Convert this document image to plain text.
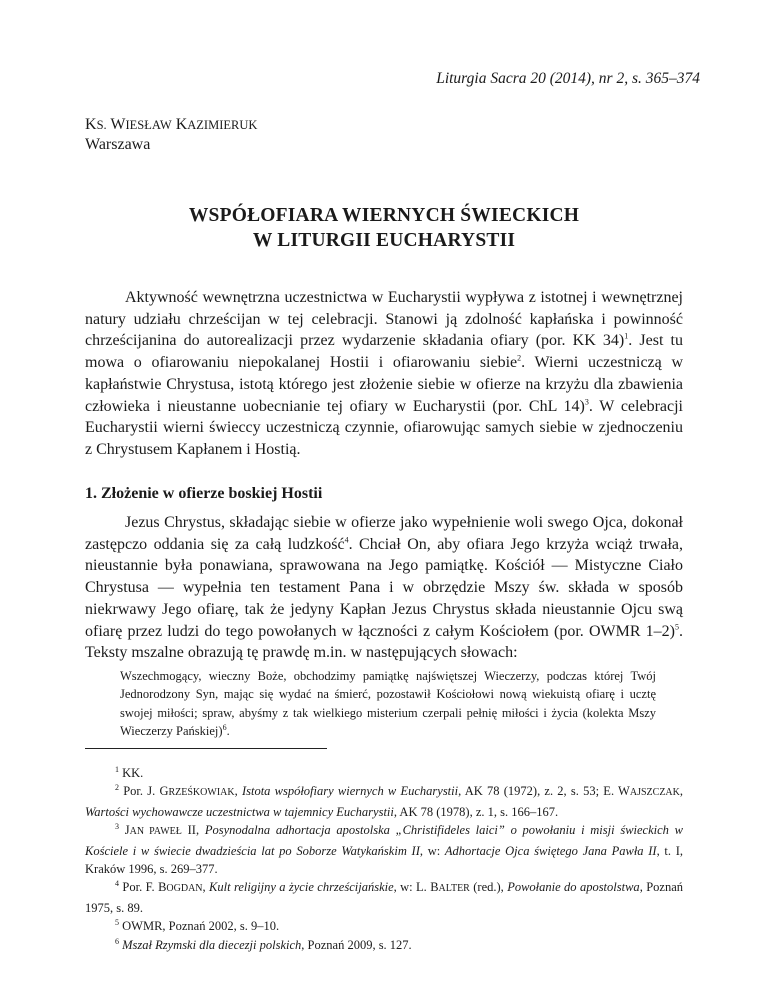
Liturgia Sacra 20 (2014), nr 2, s. 365–374
KS. WIESŁAW KAZIMIERUK
Warszawa
WSPÓŁOFIARA WIERNYCH ŚWIECKICH
W LITURGII EUCHARYSTII
Aktywność wewnętrzna uczestnictwa w Eucharystii wypływa z istotnej i wewnętrznej natury udziału chrześcijan w tej celebracji. Stanowi ją zdolność kapłańska i powinność chrześcijanina do autorealizacji przez wydarzenie składania ofiary (por. KK 34)$^1$. Jest tu mowa o ofiarowaniu niepokalanej Hostii i ofiarowaniu siebie$^2$. Wierni uczestniczą w kapłaństwie Chrystusa, istotą którego jest złożenie siebie w ofierze na krzyżu dla zbawienia człowieka i nieustanne uobecnianie tej ofiary w Eucharystii (por. ChL 14)$^3$. W celebracji Eucharystii wierni świeccy uczestniczą czynnie, ofiarowując samych siebie w zjednoczeniu z Chrystusem Kapłanem i Hostią.
1. Złożenie w ofierze boskiej Hostii
Jezus Chrystus, składając siebie w ofierze jako wypełnienie woli swego Ojca, dokonał zastępczo oddania się za całą ludzkość$^4$. Chciał On, aby ofiara Jego krzyża wciąż trwała, nieustannie była ponawiana, sprawowana na Jego pamiątkę. Kościół — Mistyczne Ciało Chrystusa — wypełnia ten testament Pana i w obrzędzie Mszy św. składa w sposób niekrwawy Jego ofiarę, tak że jedyny Kapłan Jezus Chrystus składa nieustannie Ojcu swą ofiarę przez ludzi do tego powołanych w łączności z całym Kościołem (por. OWMR 1–2)$^5$. Teksty mszalne obrazują tę prawdę m.in. w następujących słowach:
Wszechmogący, wieczny Boże, obchodzimy pamiątkę najświętszej Wieczerzy, podczas której Twój Jednorodzony Syn, mając się wydać na śmierć, pozostawił Kościołowi nową wiekuistą ofiarę i ucztę swojej miłości; spraw, abyśmy z tak wielkiego misterium czerpali pełnię miłości i życia (kolekta Mszy Wieczerzy Pańskiej)$^6$.

$^1$ KK.

$^2$ Por. J. GRZEŚKOWIAK, Istota współofiary wiernych w Eucharystii, AK 78 (1972), z. 2, s. 53; E. WAJSZCZAK, Wartości wychowawcze uczestnictwa w tajemnicy Eucharystii, AK 78 (1978), z. 1, s. 166–167.

$^3$ JAN PAWEŁ II, Posynodalna adhortacja apostolska „Christifideles laici” o powołaniu i misji świeckich w Kościele i w świecie dwadzieścia lat po Soborze Watykańskim II, w: Adhortacje Ojca świętego Jana Pawła II, t. I, Kraków 1996, s. 269–377.

$^4$ Por. F. BOGDAN, Kult religijny a życie chrześcijańskie, w: L. BALTER (red.), Powołanie do apostolstwa, Poznań 1975, s. 89.

$^5$ OWMR, Poznań 2002, s. 9–10.

$^6$ Mszał Rzymski dla diecezji polskich, Poznań 2009, s. 127.
